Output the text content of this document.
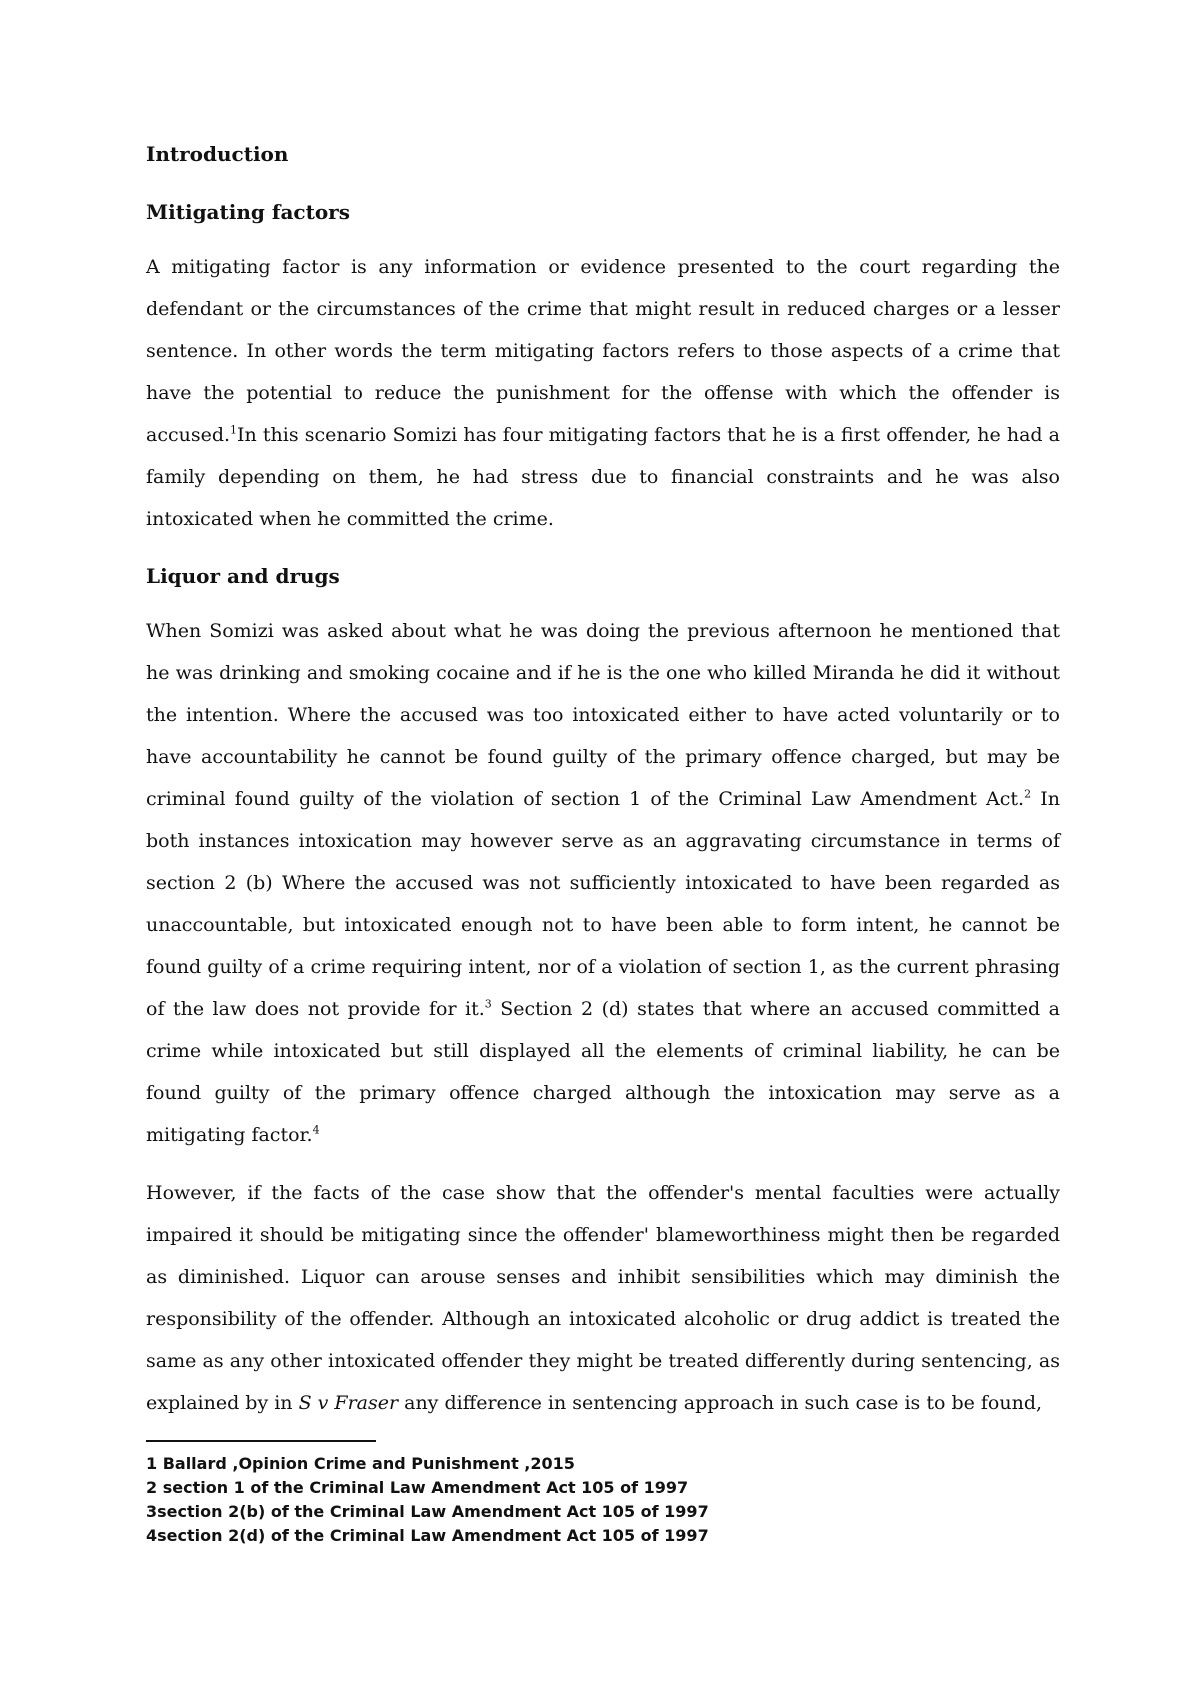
Introduction
Mitigating factors

A mitigating factor is any information or evidence presented to the court regarding the defendant or the circumstances of the crime that might result in reduced charges or a lesser sentence. In other words the term mitigating factors refers to those aspects of a crime that have the potential to reduce the punishment for the offense with which the offender is accused.$^1$In this scenario Somizi has four mitigating factors that he is a first offender, he had a family depending on them, he had stress due to financial constraints and he was also intoxicated when he committed the crime.

Liquor and drugs

When Somizi was asked about what he was doing the previous afternoon he mentioned that he was drinking and smoking cocaine and if he is the one who killed Miranda he did it without the intention. Where the accused was too intoxicated either to have acted voluntarily or to have accountability he cannot be found guilty of the primary offence charged, but may be criminal found guilty of the violation of section 1 of the Criminal Law Amendment Act.$^2$ In both instances intoxication may however serve as an aggravating circumstance in terms of section 2 (b) Where the accused was not sufficiently intoxicated to have been regarded as unaccountable, but intoxicated enough not to have been able to form intent, he cannot be found guilty of a crime requiring intent, nor of a violation of section 1, as the current phrasing of the law does not provide for it.$^3$ Section 2 (d) states that where an accused committed a crime while intoxicated but still displayed all the elements of criminal liability, he can be found guilty of the primary offence charged although the intoxication may serve as a mitigating factor.$^4$

However, if the facts of the case show that the offender's mental faculties were actually impaired it should be mitigating since the offender' blameworthiness might then be regarded as diminished. Liquor can arouse senses and inhibit sensibilities which may diminish the responsibility of the offender. Although an intoxicated alcoholic or drug addict is treated the same as any other intoxicated offender they might be treated differently during sentencing, as explained by in S v Fraser any difference in sentencing approach in such case is to be found,

1 Ballard ,Opinion Crime and Punishment ,2015
2 section 1 of the Criminal Law Amendment Act 105 of 1997
3section 2(b) of the Criminal Law Amendment Act 105 of 1997
4section 2(d) of the Criminal Law Amendment Act 105 of 1997
